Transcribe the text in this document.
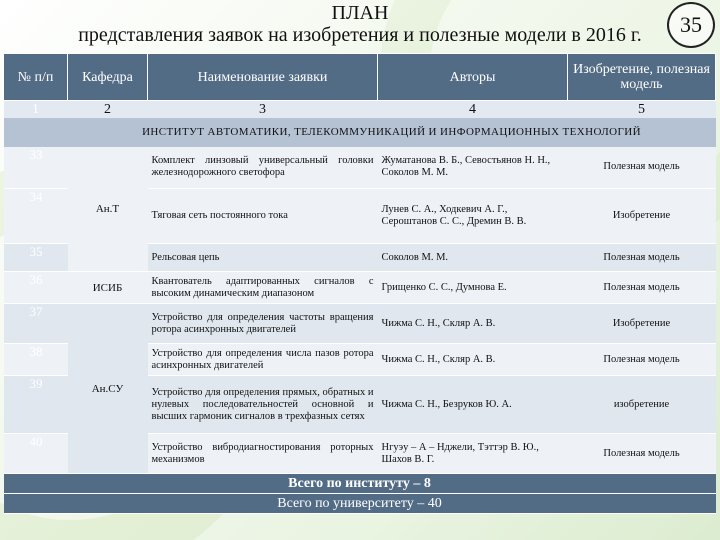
ПЛАН
представления заявок на изобретения и полезные модели в 2016 г.	35
№ п/п	Кафедра	Наименование заявки	Авторы	Изобретение, полезная модель
1	2	3	4	5
	ИНСТИТУТ АВТОМАТИКИ, ТЕЛЕКОММУНИКАЦИЙ И ИНФОРМАЦИОННЫХ ТЕХНОЛОГИЙ			
33	Ан.Т	Комплект линзовый универсальный головки железнодорожного светофора	Жуматанова В. Б., Севостьянов Н. Н., Соколов М. М.	Полезная модель
34		Тяговая сеть постоянного тока	Лунев С. А., Ходкевич А. Г., Сероштанов С. С., Дремин В. В.	Изобретение
35		Рельсовая цепь	Соколов М. М.	Полезная модель
36	ИСИБ	Квантователь адаптированных сигналов с высоким динамическим диапазоном	Грищенко С. С., Думнова Е.	Полезная модель
37	Ан.СУ	Устройство для определения частоты вращения ротора асинхронных двигателей	Чижма С. Н., Скляр А. В.	Изобретение
38		Устройство для определения числа пазов ротора асинхронных двигателей	Чижма С. Н., Скляр А. В.	Полезная модель
39		Устройство для определения прямых, обратных и нулевых последовательностей основной и высших гармоник сигналов в трехфазных сетях	Чижма С. Н., Безруков Ю. А.	изобретение
40		Устройство вибродиагностирования роторных механизмов	Нгуэу – А – Нджели, Тэттэр В. Ю., Шахов В. Г.	Полезная модель
Всего по институту – 8				
Всего по университету – 40				
